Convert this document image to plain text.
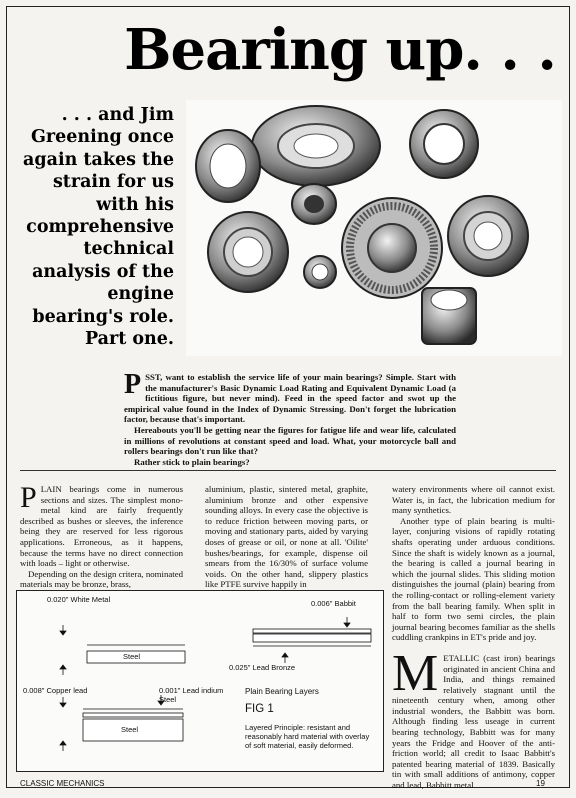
Bearing up. . .
. . . and Jim Greening once again takes the strain for us with his comprehensive technical analysis of the engine bearing's role. Part one.

PSST, want to establish the service life of your main bearings? Simple. Start with the manufacturer's Basic Dynamic Load Rating and Equivalent Dynamic Load (a fictitious figure, but never mind). Feed in the speed factor and swot up the empirical value found in the Index of Dynamic Stressing. Don't forget the lubrication factor, because that's important.

Hereabouts you'll be getting near the figures for fatigue life and wear life, calculated in millions of revolutions at constant speed and load. What, your motorcycle ball and rollers bearings don't run like that?

Rather stick to plain bearings?

PLAIN bearings come in numerous sections and sizes. The simplest mono-metal kind are fairly frequently described as bushes or sleeves, the inference being they are reserved for less rigorous applications. Erroneous, as it happens, because the terms have no direct connection with loads – light or otherwise.

Depending on the design critera, nominated materials may be bronze, brass,

aluminium, plastic, sintered metal, graphite, aluminium bronze and other expensive sounding alloys. In every case the objective is to reduce friction between moving parts, or moving and stationary parts, aided by varying doses of grease or oil, or none at all. 'Oilite' bushes/bearings, for example, dispense oil smears from the 16/30% of surface volume voids. On the other hand, slippery plastics like PTFE survive happily in

watery environments where oil cannot exist. Water is, in fact, the lubrication medium for many synthetics.

Another type of plain bearing is multi-layer, conjuring visions of rapidly rotating shafts operating under arduous conditions. Since the shaft is widely known as a journal, the bearing is called a journal bearing in which the journal slides. This sliding motion distinguishes the journal (plain) bearing from the rolling-contact or rolling-element variety from the ball bearing family. When split in half to form two semi circles, the plain journal bearing becomes familiar as the shells cuddling crankpins in ET's pride and joy.

METALLIC (cast iron) bearings originated in ancient China and India, and things remained relatively stagnant until the nineteenth century when, among other industrial wonders, the Babbitt was born. Although finding less useage in current bearing technology, Babbitt was for many years the Fridge and Hoover of the anti-friction world; all credit to Isaac Babbitt's patented bearing material of 1839. Basically tin with small additions of antimony, copper and lead, Babbitt metal

0.020" White Metal
Steel
0.006" Babbit
0.025" Lead Bronze
0.008" Copper lead	0.001" Lead indium
Steel
Steel
Plain Bearing Layers
FIG 1
Layered Principle: resistant and reasonably hard material with overlay of soft material, easily deformed.
CLASSIC MECHANICS	19
